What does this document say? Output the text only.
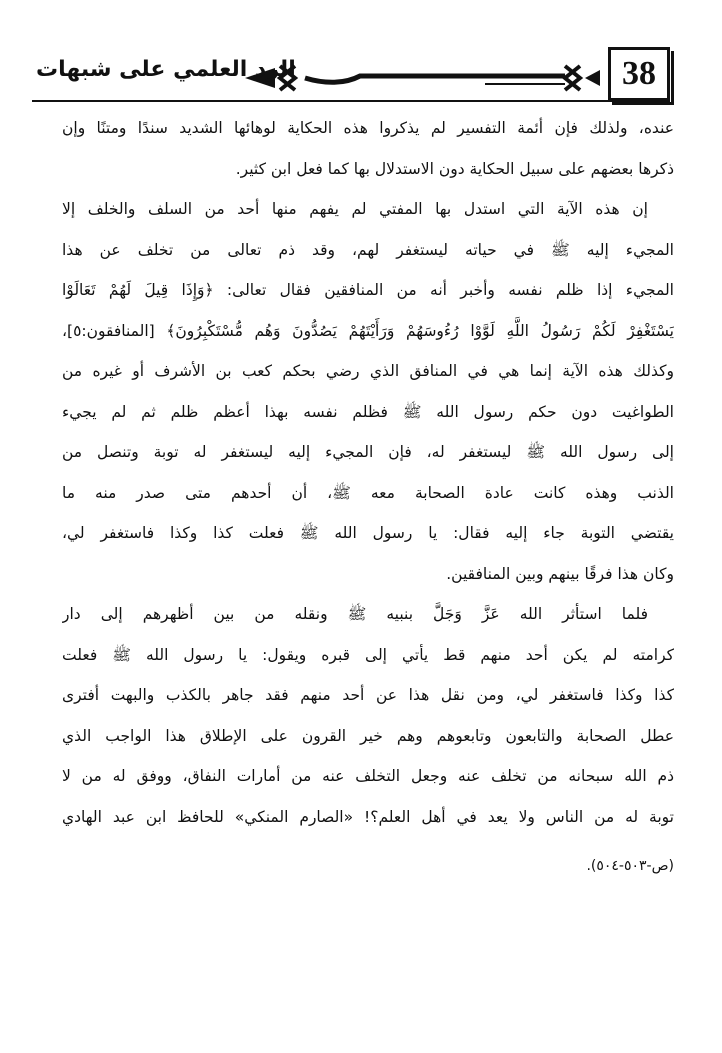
38
الرد العلمي على شبهات
عنده، ولذلك فإن أئمة التفسير لم يذكروا هذه الحكاية لوهائها الشديد سندًا ومتنًا وإن
ذكرها بعضهم على سبيل الحكاية دون الاستدلال بها كما فعل ابن كثير.
إن هذه الآية التي استدل بها المفتي لم يفهم منها أحد من السلف والخلف إلا
المجيء إليه ﷺ في حياته ليستغفر لهم، وقد ذم تعالى من تخلف عن هذا
المجيء إذا ظلم نفسه وأخبر أنه من المنافقين فقال تعالى: ﴿وَإِذَا قِيلَ لَهُمْ تَعَالَوْا
يَسْتَغْفِرْ لَكُمْ رَسُولُ اللَّهِ لَوَّوْا رُءُوسَهُمْ وَرَأَيْتَهُمْ يَصُدُّونَ وَهُم مُّسْتَكْبِرُونَ﴾ [المنافقون:٥]،
وكذلك هذه الآية إنما هي في المنافق الذي رضي بحكم كعب بن الأشرف أو غيره من
الطواغيت دون حكم رسول الله ﷺ فظلم نفسه بهذا أعظم ظلم ثم لم يجيء
إلى رسول الله ﷺ ليستغفر له، فإن المجيء إليه ليستغفر له توبة وتنصل من
الذنب وهذه كانت عادة الصحابة معه ﷺ، أن أحدهم متى صدر منه ما
يقتضي التوبة جاء إليه فقال: يا رسول الله ﷺ فعلت كذا وكذا فاستغفر لي،
وكان هذا فرقًا بينهم وبين المنافقين.
فلما استأثر الله عَزَّ وَجَلَّ بنبيه ﷺ ونقله من بين أظهرهم إلى دار
كرامته لم يكن أحد منهم قط يأتي إلى قبره ويقول: يا رسول الله ﷺ فعلت
كذا وكذا فاستغفر لي، ومن نقل هذا عن أحد منهم فقد جاهر بالكذب والبهت أفترى
عطل الصحابة والتابعون وتابعوهم وهم خير القرون على الإطلاق هذا الواجب الذي
ذم الله سبحانه من تخلف عنه وجعل التخلف عنه من أمارات النفاق، ووفق له من لا
توبة له من الناس ولا يعد في أهل العلم؟! «الصارم المنكي» للحافظ ابن عبد الهادي
(ص-٥٠٣-٥٠٤).
